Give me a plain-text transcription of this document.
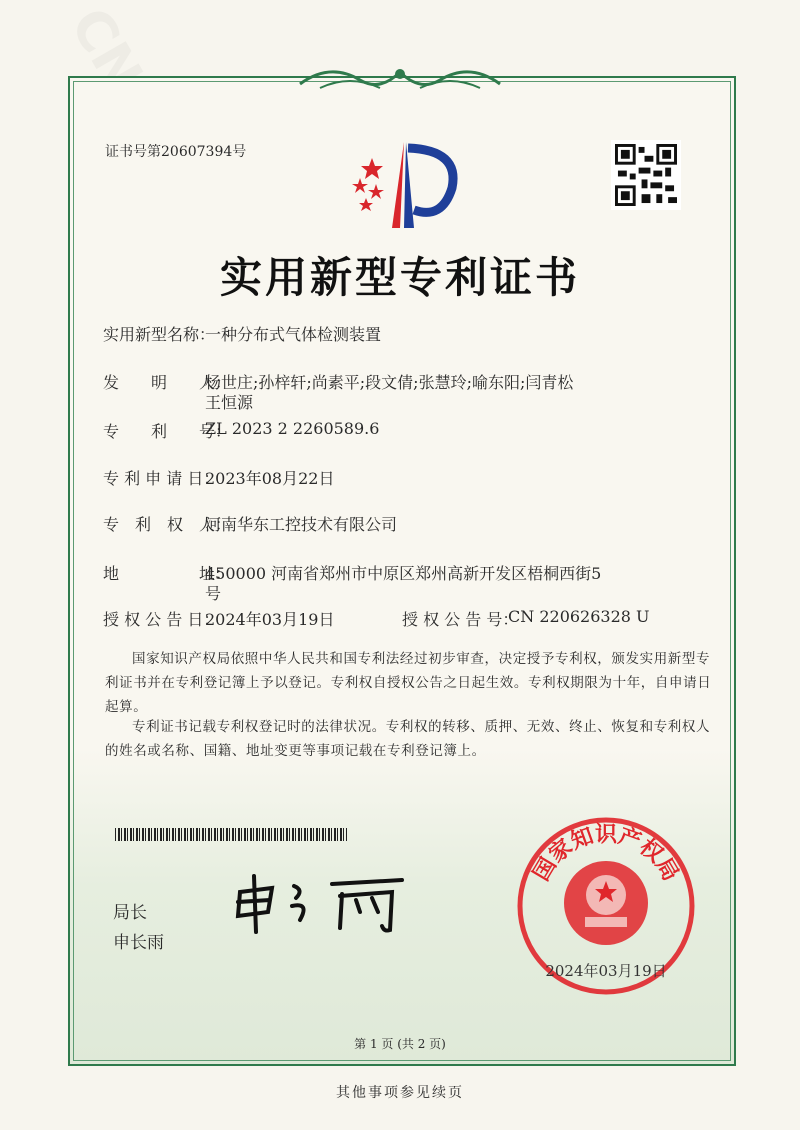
证书号第20607394号
实用新型专利证书
实用新型名称：
一种分布式气体检测装置
发　　明　　人：
杨世庄;孙梓轩;尚素平;段文倩;张慧玲;喻东阳;闫青松
王恒源
专　　利　　号：
ZL 2023 2 2260589.6
专 利 申 请 日：
2023年08月22日
专　利　权　人：
河南华东工控技术有限公司
地　　　　　址：
450000 河南省郑州市中原区郑州高新开发区梧桐西街5
号
授 权 公 告 日：
2024年03月19日	授 权 公 告 号：
CN 220626328 U
国家知识产权局依照中华人民共和国专利法经过初步审查，决定授予专利权，颁发实用新型专利证书并在专利登记簿上予以登记。专利权自授权公告之日起生效。专利权期限为十年，自申请日起算。
专利证书记载专利权登记时的法律状况。专利权的转移、质押、无效、终止、恢复和专利权人的姓名或名称、国籍、地址变更等事项记载在专利登记簿上。
局长
申长雨
国家知识产权局
2024年03月19日
第 1 页 (共 2 页)
其他事项参见续页
